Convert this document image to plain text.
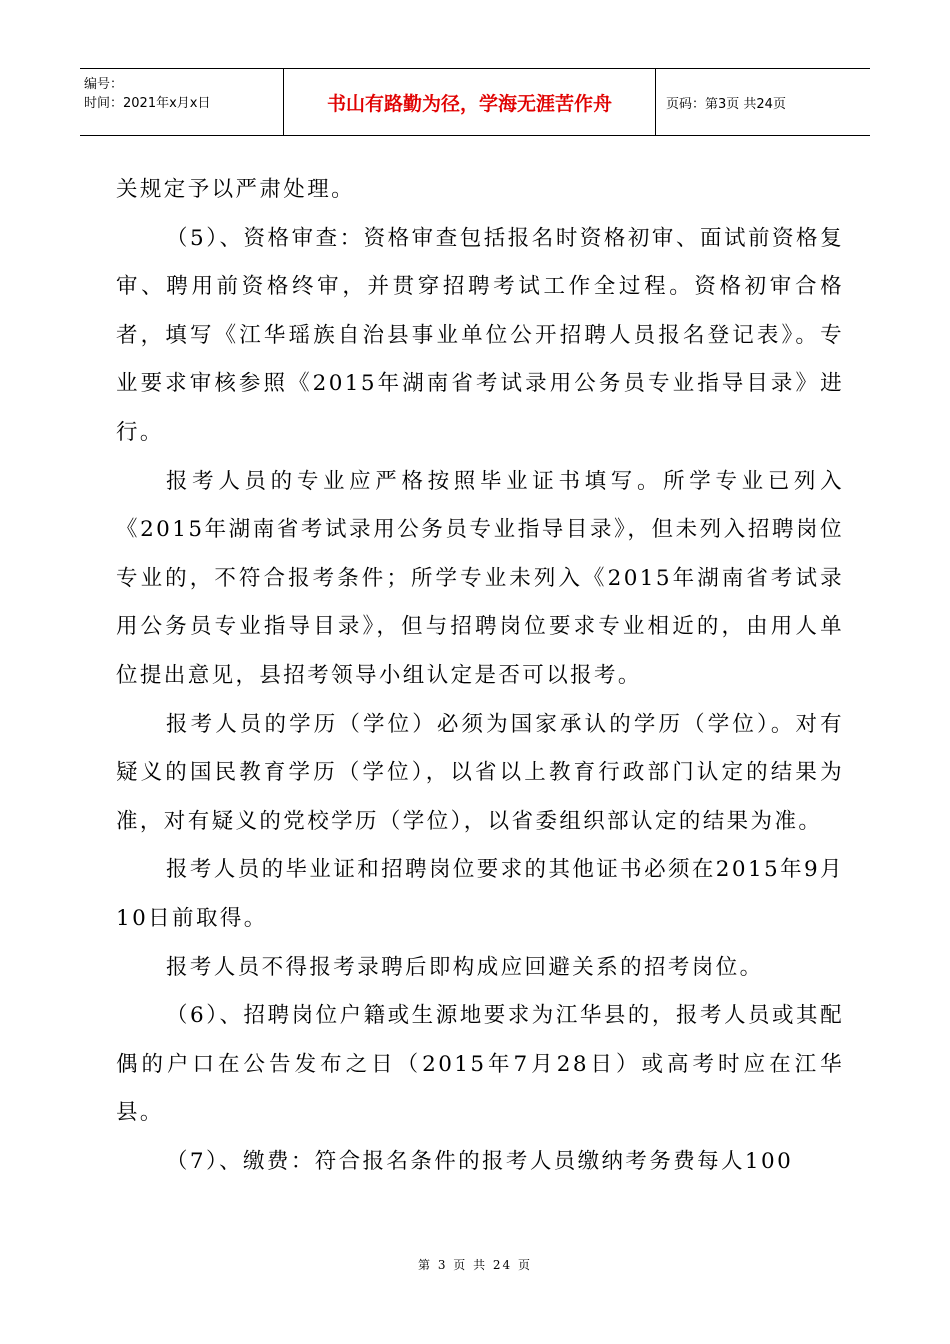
编号：
时间：2021年x月x日	书山有路勤为径，学海无涯苦作舟	页码：第3页 共24页

关规定予以严肃处理。

（5）、资格审查：资格审查包括报名时资格初审、面试前资格复审、聘用前资格终审，并贯穿招聘考试工作全过程。资格初审合格者，填写《江华瑶族自治县事业单位公开招聘人员报名登记表》。专业要求审核参照《2015年湖南省考试录用公务员专业指导目录》进行。

报考人员的专业应严格按照毕业证书填写。所学专业已列入《2015年湖南省考试录用公务员专业指导目录》，但未列入招聘岗位专业的，不符合报考条件；所学专业未列入《2015年湖南省考试录用公务员专业指导目录》，但与招聘岗位要求专业相近的，由用人单位提出意见，县招考领导小组认定是否可以报考。

报考人员的学历（学位）必须为国家承认的学历（学位）。对有疑义的国民教育学历（学位），以省以上教育行政部门认定的结果为准，对有疑义的党校学历（学位），以省委组织部认定的结果为准。

报考人员的毕业证和招聘岗位要求的其他证书必须在2015年9月10日前取得。

报考人员不得报考录聘后即构成应回避关系的招考岗位。

（6）、招聘岗位户籍或生源地要求为江华县的，报考人员或其配偶的户口在公告发布之日（2015年7月28日）或高考时应在江华县。

（7）、缴费：符合报名条件的报考人员缴纳考务费每人100

第 3 页 共 24 页
